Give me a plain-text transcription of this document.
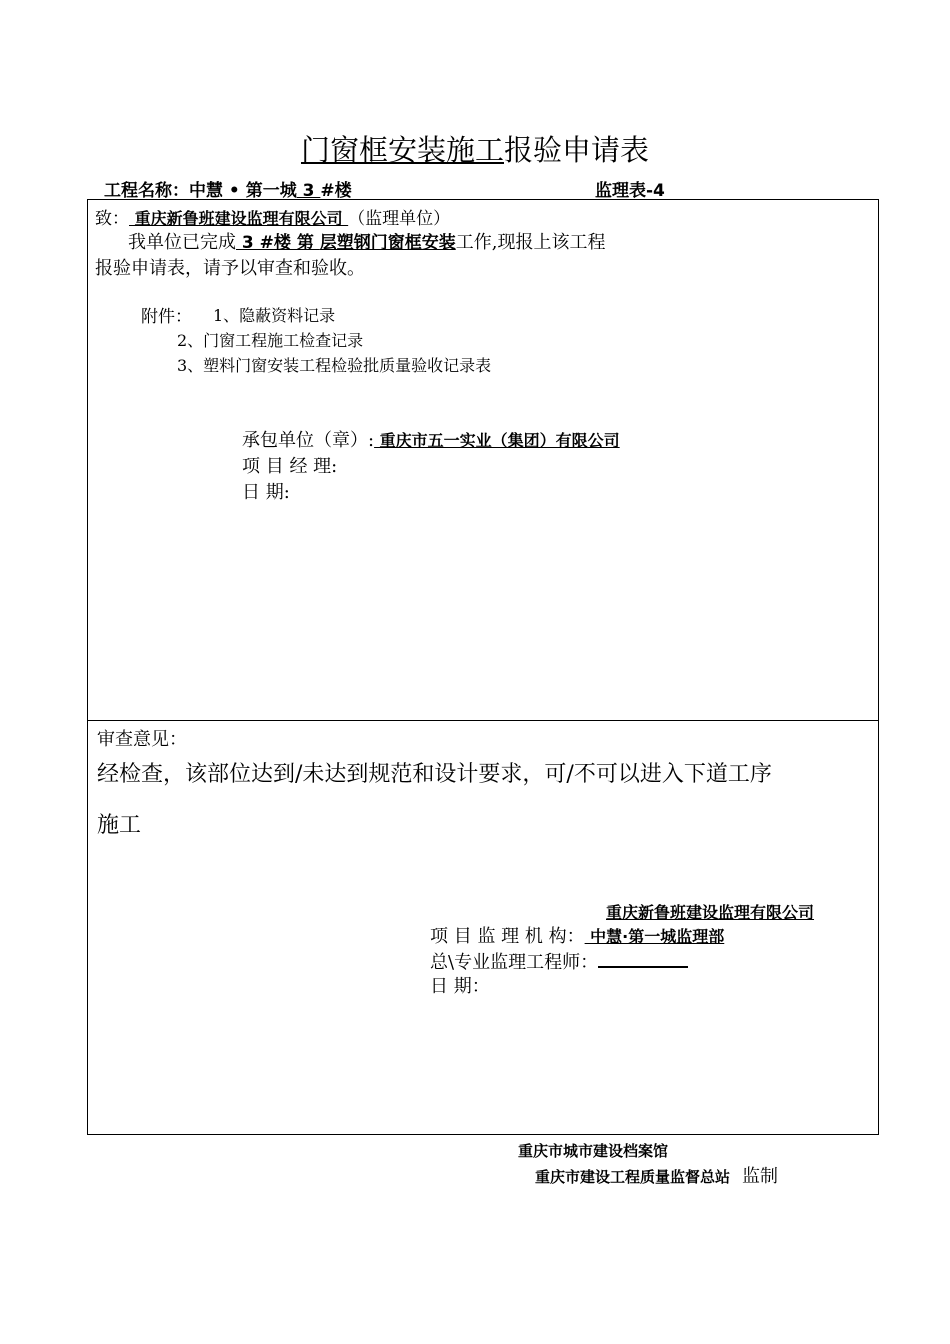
门窗框安装施工报验申请表
工程名称：中慧 • 第一城 3 #楼	监理表-4
致： 重庆新鲁班建设监理有限公司 （监理单位）
我单位已完成 3 #楼 第 层塑钢门窗框安装工作,现报上该工程
报验申请表，请予以审查和验收。
附件： 1、隐蔽资料记录
2、门窗工程施工检查记录
3、塑料门窗安装工程检验批质量验收记录表
承包单位（章）: 重庆市五一实业（集团）有限公司
项 目 经 理:
日 期:
审查意见：
经检查，该部位达到/未达到规范和设计要求，可/不可以进入下道工序
施工
重庆新鲁班建设监理有限公司
项 目 监 理 机 构： 中慧·第一城监理部
总\专业监理工程师：
日 期：
重庆市城市建设档案馆
重庆市建设工程质量监督总站 监制
